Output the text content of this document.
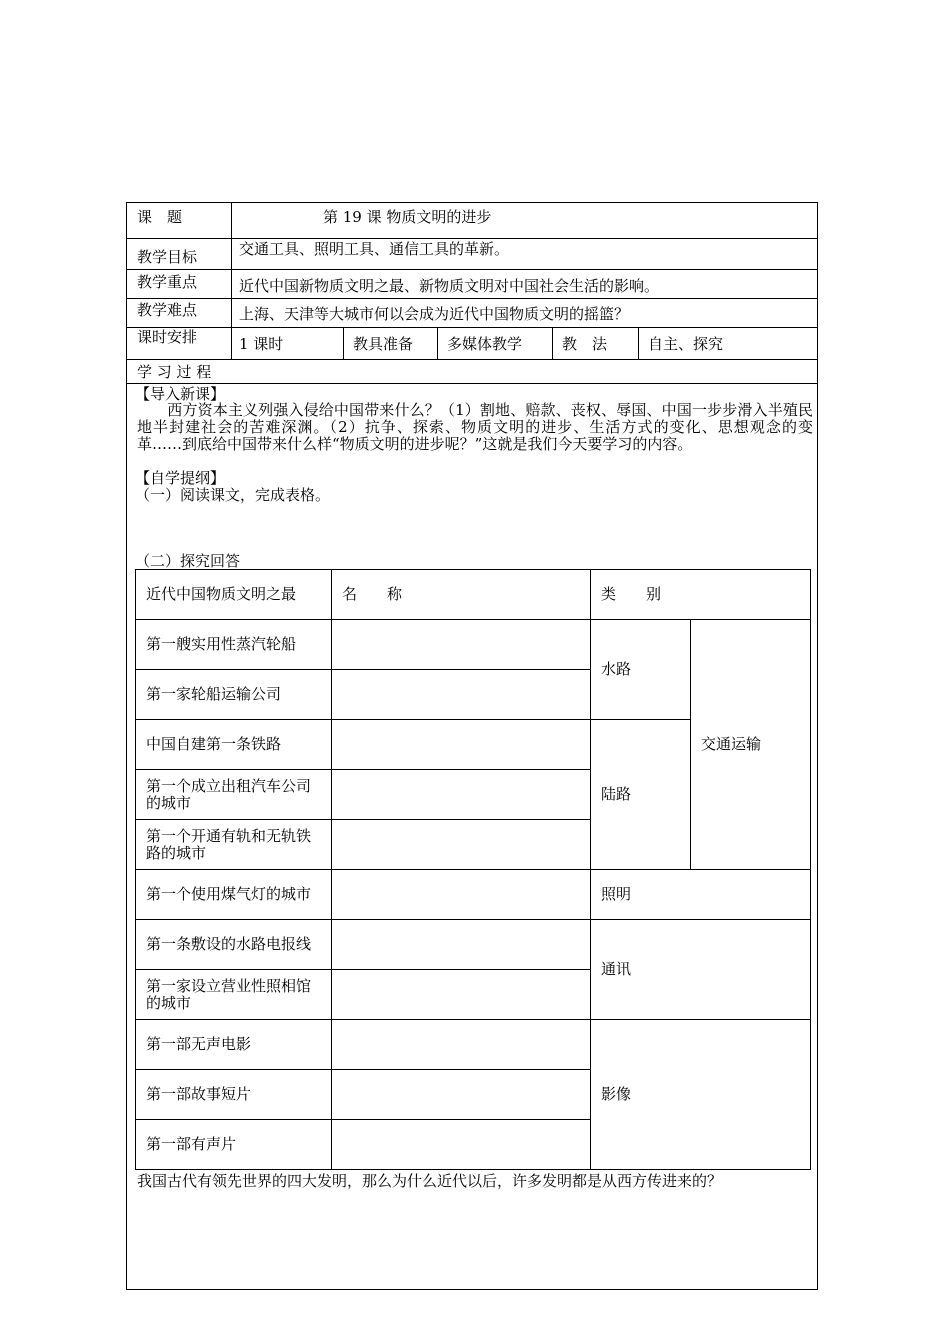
课　题	第 19 课 物质文明的进步
教学目标	交通工具、照明工具、通信工具的革新。
教学重点	近代中国新物质文明之最、新物质文明对中国社会生活的影响。
教学难点	上海、天津等大城市何以会成为近代中国物质文明的摇篮？
课时安排	1 课时	教具准备 多媒体教学	教　法	自主、探究
学 习 过 程
【导入新课】
　　西方资本主义列强入侵给中国带来什么？（1）割地、赔款、丧权、辱国、中国一步步滑入半殖民地半封建社会的苦难深渊。（2）抗争、探索、物质文明的进步、生活方式的变化、思想观念的变革……到底给中国带来什么样“物质文明的进步呢？”这就是我们今天要学习的内容。
【自学提纲】
（一）阅读课文，完成表格。
（二）探究回答
近代中国物质文明之最	名　　称	类　　别	
第一艘实用性蒸汽轮船		水路	交通运输
第一家轮船运输公司			
中国自建第一条铁路		陆路	
第一个成立出租汽车公司的城市			
第一个开通有轨和无轨铁路的城市			
第一个使用煤气灯的城市		照明	
第一条敷设的水路电报线		通讯	
第一家设立营业性照相馆的城市			
第一部无声电影		影像	
第一部故事短片			
第一部有声片			
我国古代有领先世界的四大发明，那么为什么近代以后，许多发明都是从西方传进来的？
